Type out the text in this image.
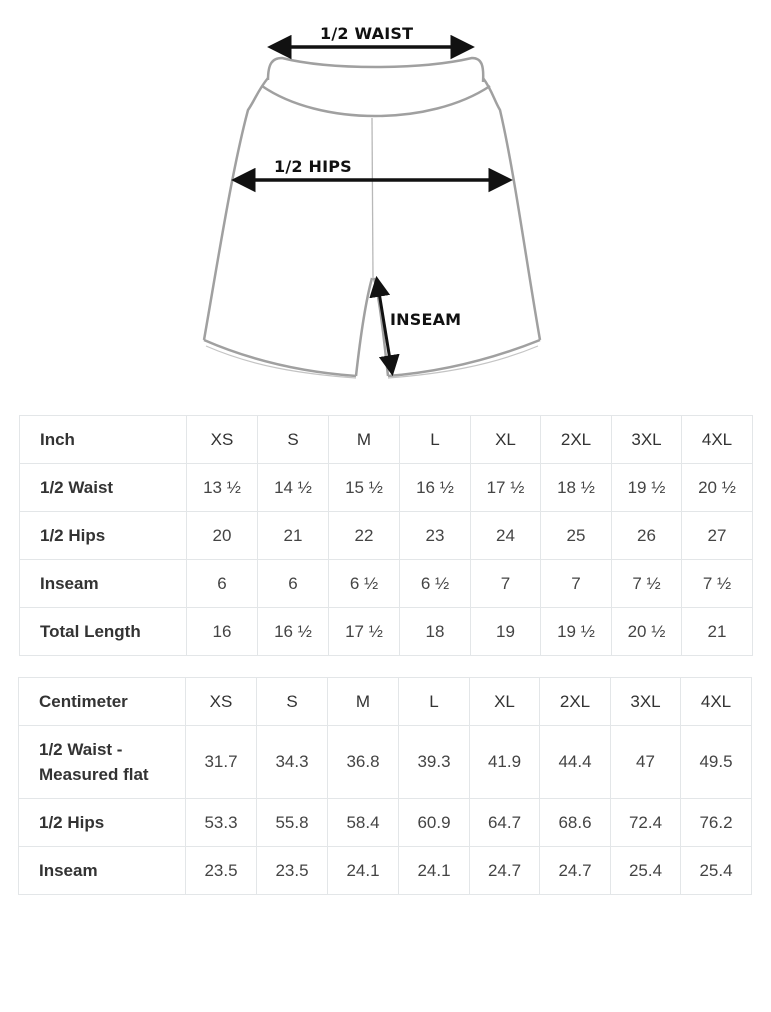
1/2 WAIST
1/2 HIPS
INSEAM
Inch	XS	S	M	L	XL	2XL	3XL	4XL
1/2 Waist	13 ½	14 ½	15 ½	16 ½	17 ½	18 ½	19 ½	20 ½
1/2 Hips	20	21	22	23	24	25	26	27
Inseam	6	6	6 ½	6 ½	7	7	7 ½	7 ½
Total Length	16	16 ½	17 ½	18	19	19 ½	20 ½	21
Centimeter	XS	S	M	L	XL	2XL	3XL	4XL
1/2 Waist - Measured flat	31.7	34.3	36.8	39.3	41.9	44.4	47	49.5
1/2 Hips	53.3	55.8	58.4	60.9	64.7	68.6	72.4	76.2
Inseam	23.5	23.5	24.1	24.1	24.7	24.7	25.4	25.4
